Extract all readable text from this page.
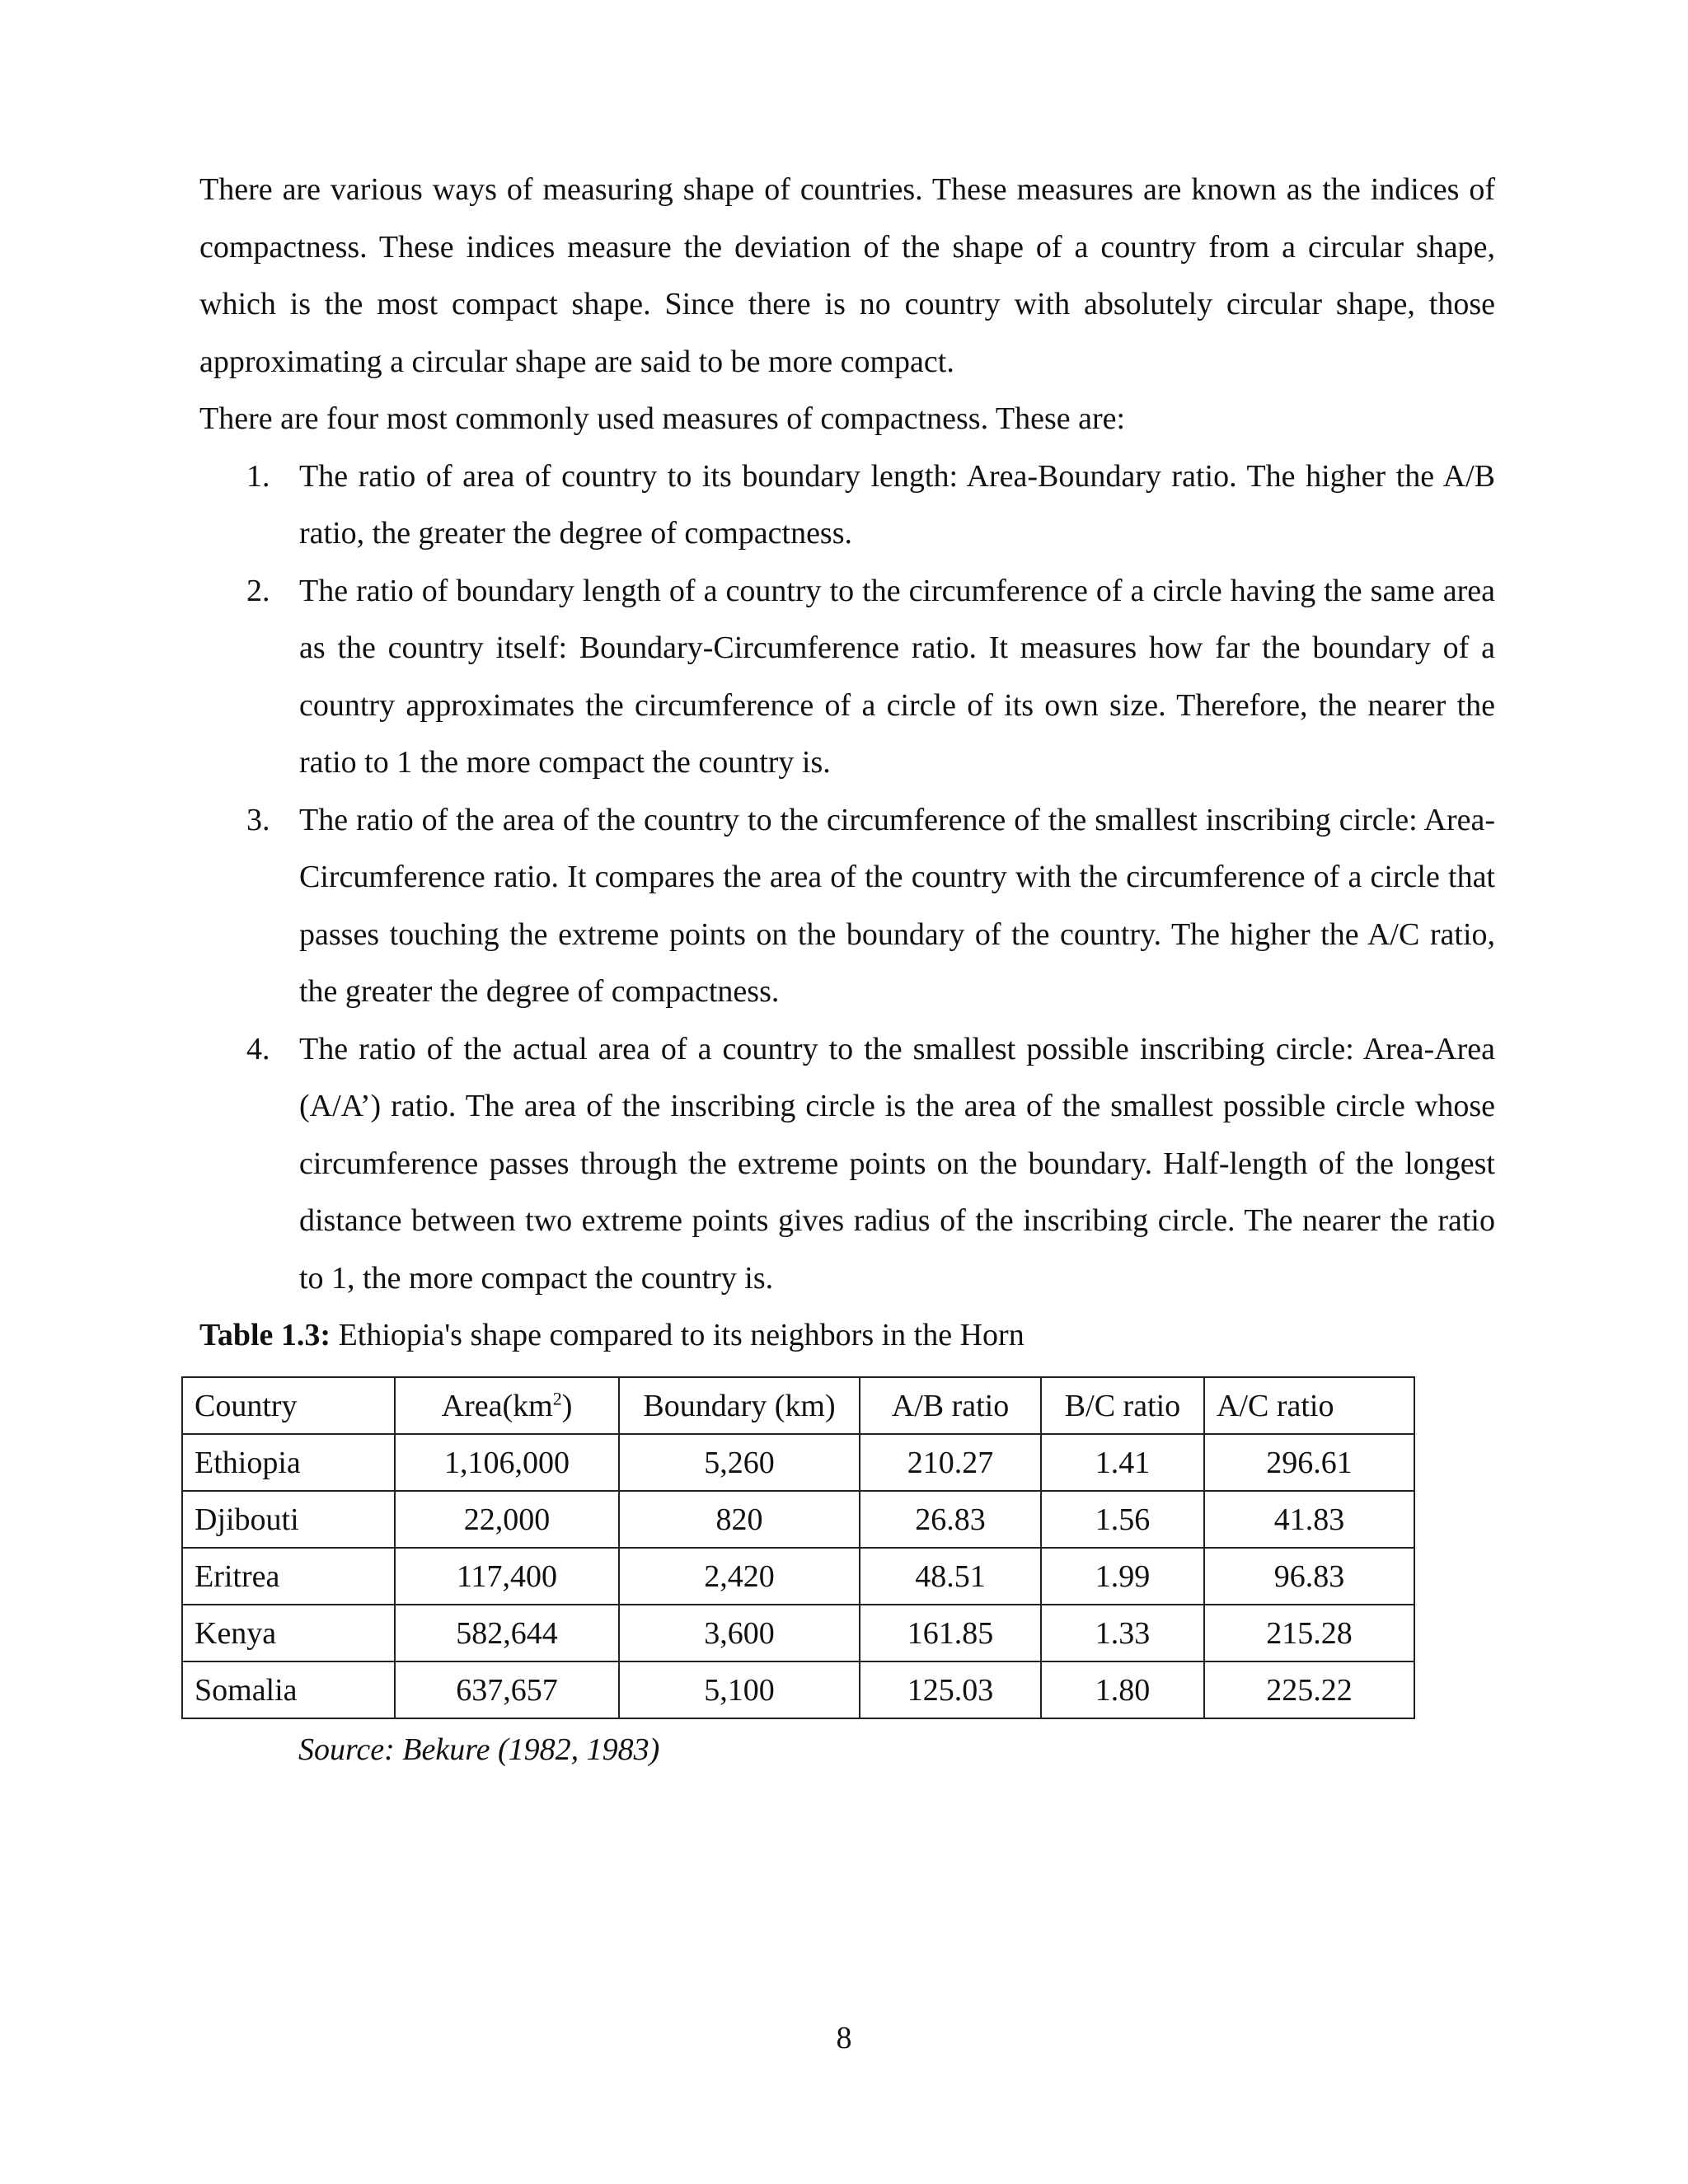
There are various ways of measuring shape of countries. These measures are known as the indices of compactness. These indices measure the deviation of the shape of a country from a circular shape, which is the most compact shape. Since there is no country with absolutely circular shape, those approximating a circular shape are said to be more compact.

There are four most commonly used measures of compactness. These are:

1. The ratio of area of country to its boundary length: Area-Boundary ratio. The higher the A/B ratio, the greater the degree of compactness.
2. The ratio of boundary length of a country to the circumference of a circle having the same area as the country itself: Boundary-Circumference ratio. It measures how far the boundary of a country approximates the circumference of a circle of its own size. Therefore, the nearer the ratio to 1 the more compact the country is.
3. The ratio of the area of the country to the circumference of the smallest inscribing circle: Area-Circumference ratio. It compares the area of the country with the circumference of a circle that passes touching the extreme points on the boundary of the country. The higher the A/C ratio, the greater the degree of compactness.
4. The ratio of the actual area of a country to the smallest possible inscribing circle: Area-Area (A/A’) ratio. The area of the inscribing circle is the area of the smallest possible circle whose circumference passes through the extreme points on the boundary. Half-length of the longest distance between two extreme points gives radius of the inscribing circle. The nearer the ratio to 1, the more compact the country is.

Table 1.3: Ethiopia's shape compared to its neighbors in the Horn

Country	$Area(km^2)$	Boundary (km)	A/B ratio	B/C ratio	A/C ratio
Ethiopia	1,106,000	5,260	210.27	1.41	296.61
Djibouti	22,000	820	26.83	1.56	41.83
Eritrea	117,400	2,420	48.51	1.99	96.83
Kenya	582,644	3,600	161.85	1.33	215.28
Somalia	637,657	5,100	125.03	1.80	225.22
Source: Bekure (1982, 1983)
8
